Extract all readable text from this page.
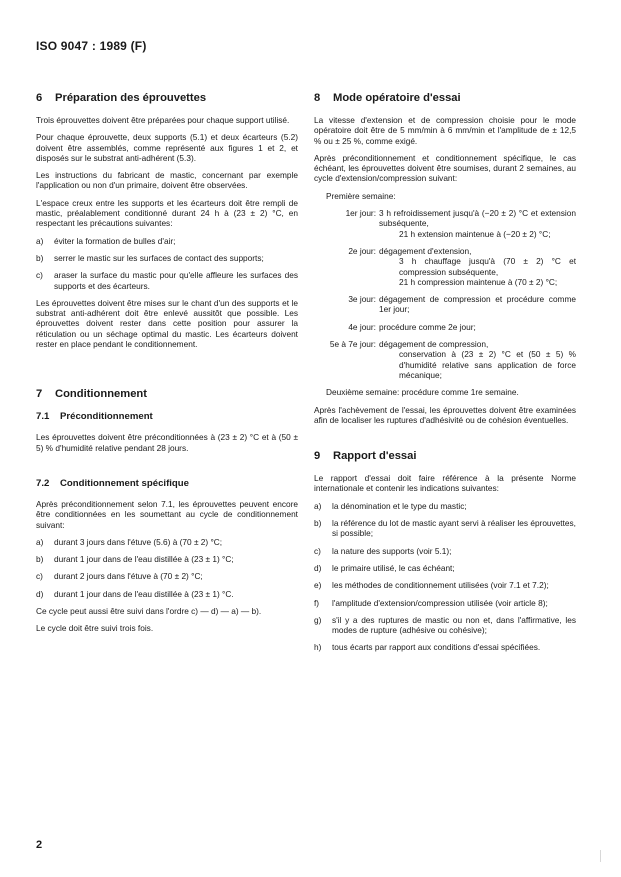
ISO 9047 : 1989 (F)
6	Préparation des éprouvettes

Trois éprouvettes doivent être préparées pour chaque support utilisé.

Pour chaque éprouvette, deux supports (5.1) et deux écarteurs (5.2) doivent être assemblés, comme représenté aux figures 1 et 2, et disposés sur le substrat anti-adhérent (5.3).

Les instructions du fabricant de mastic, concernant par exemple l'application ou non d'un primaire, doivent être observées.

L'espace creux entre les supports et les écarteurs doit être rempli de mastic, préalablement conditionné durant 24 h à (23 ± 2) °C, en respectant les précautions suivantes:

a)	éviter la formation de bulles d'air;
b)	serrer le mastic sur les surfaces de contact des supports;
c)	araser la surface du mastic pour qu'elle affleure les surfaces des supports et des écarteurs.

Les éprouvettes doivent être mises sur le chant d'un des supports et le substrat anti-adhérent doit être enlevé aussitôt que possible. Les éprouvettes doivent rester dans cette position pour assurer la réticulation ou un séchage optimal du mastic. Les écarteurs doivent rester en place pendant le conditionnement.

7	Conditionnement
7.1	Préconditionnement

Les éprouvettes doivent être préconditionnées à (23 ± 2) °C et à (50 ± 5) % d'humidité relative pendant 28 jours.

7.2	Conditionnement spécifique

Après préconditionnement selon 7.1, les éprouvettes peuvent encore être conditionnées en les soumettant au cycle de conditionnement suivant:

a)	durant 3 jours dans l'étuve (5.6) à (70 ± 2) °C;
b)	durant 1 jour dans de l'eau distillée à (23 ± 1) °C;
c)	durant 2 jours dans l'étuve à (70 ± 2) °C;
d)	durant 1 jour dans de l'eau distillée à (23 ± 1) °C.

Ce cycle peut aussi être suivi dans l'ordre c) — d) — a) — b).

Le cycle doit être suivi trois fois.

8	Mode opératoire d'essai

La vitesse d'extension et de compression choisie pour le mode opératoire doit être de 5 mm/min à 6 mm/min et l'amplitude de ± 12,5 % ou ± 25 %, comme exigé.

Après préconditionnement et conditionnement spécifique, le cas échéant, les éprouvettes doivent être soumises, durant 2 semaines, au cycle d'extension/compression suivant:

Première semaine:
1er jour: 3 h refroidissement jusqu'à (−20 ± 2) °C et extension subséquente,
21 h extension maintenue à (−20 ± 2) °C;
2e jour: dégagement d'extension,
3 h chauffage jusqu'à (70 ± 2) °C et compression subséquente,
21 h compression maintenue à (70 ± 2) °C;
3e jour: dégagement de compression et procédure comme 1er jour;
4e jour: procédure comme 2e jour;
5e à 7e jour: dégagement de compression,
conservation à (23 ± 2) °C et (50 ± 5) % d'humidité relative sans application de force mécanique;
Deuxième semaine: procédure comme 1re semaine.

Après l'achèvement de l'essai, les éprouvettes doivent être examinées afin de localiser les ruptures d'adhésivité ou de cohésion éventuelles.

9	Rapport d'essai

Le rapport d'essai doit faire référence à la présente Norme internationale et contenir les indications suivantes:

a)	la dénomination et le type du mastic;
b)	la référence du lot de mastic ayant servi à réaliser les éprouvettes, si possible;
c)	la nature des supports (voir 5.1);
d)	le primaire utilisé, le cas échéant;
e)	les méthodes de conditionnement utilisées (voir 7.1 et 7.2);
f)	l'amplitude d'extension/compression utilisée (voir article 8);
g)	s'il y a des ruptures de mastic ou non et, dans l'affirmative, les modes de rupture (adhésive ou cohésive);
h)	tous écarts par rapport aux conditions d'essai spécifiées.
2
